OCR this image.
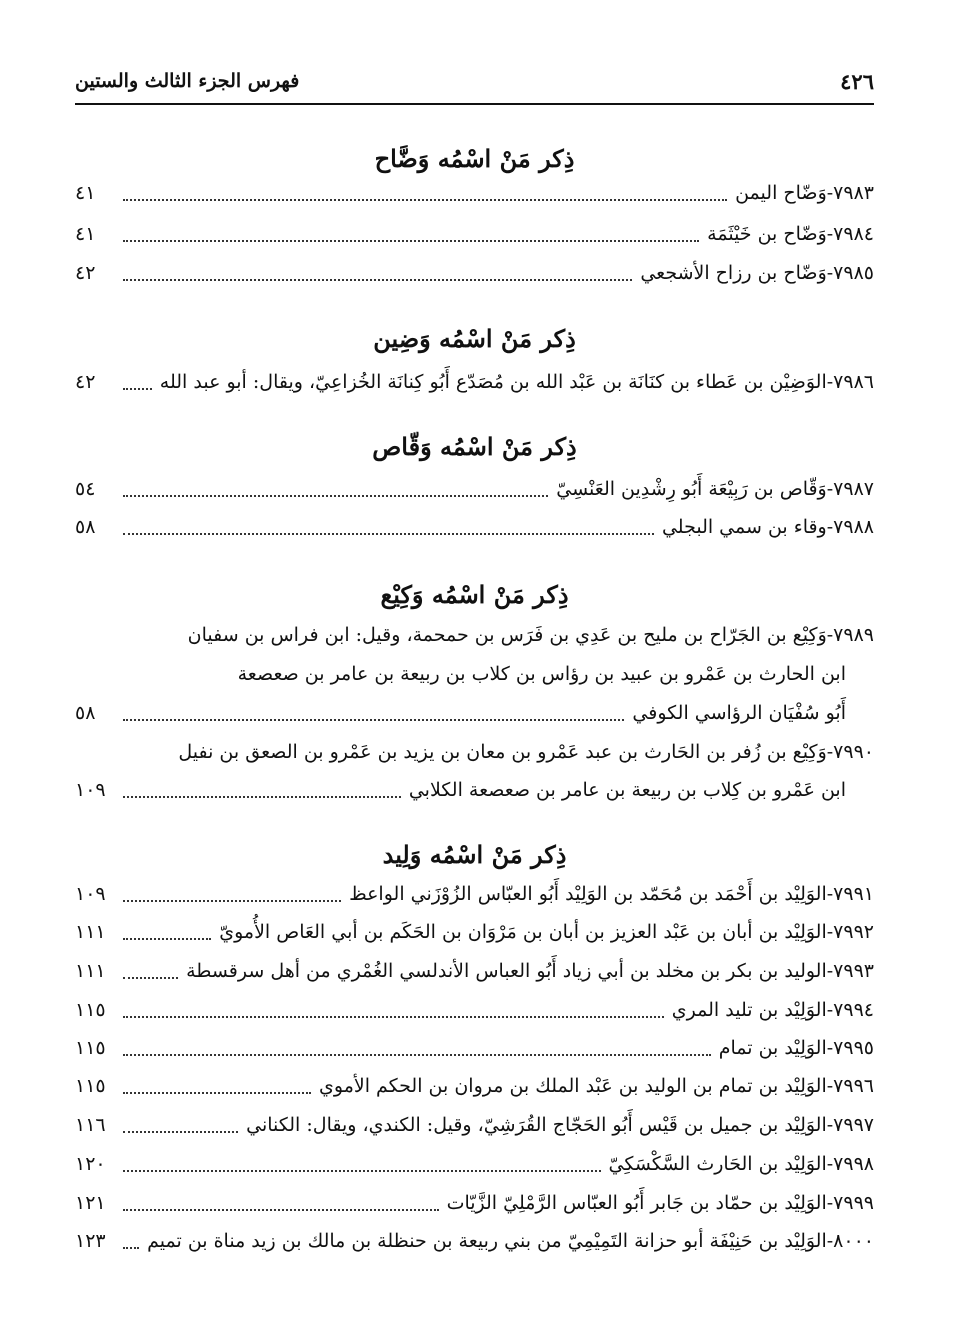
٤٢٦
فهرس الجزء الثالث والستين
ذِكر مَنْ اسْمُه وَضَّاح
٧٩٨٣
-
وَضّاح اليمن
٤١
٧٩٨٤
-
وَضّاح بن خَيْثَمَة
٤١
٧٩٨٥
-
وَضّاح بن رزاح الأشجعي
٤٢
ذِكر مَنْ اسْمُه وَضِين
٧٩٨٦
-
الوَضِيْن بن عَطاء بن كنَانَة بن عَبْد الله بن مُصَدّع أَبُو كِنانَة الخُزاعِيّ، ويقال: أبو عبد الله
٤٢
ذِكر مَنْ اسْمُه وَقّاص
٧٩٨٧
-
وَقّاص بن رَبِيْعَة أَبُو رِشْدِين العَنْسِيّ
٥٤
٧٩٨٨
-
وقاء بن سمي البجلي
٥٨
ذِكر مَنْ اسْمُه وَكِيْع
٧٩٨٩
-
وَكِيْع بن الجَرّاح بن مليح بن عَدِي بن فَرَس بن حمحمة، وقيل: ابن فراس بن سفيان
ابن الحارث بن عَمْرو بن عبيد بن رؤاس بن كلاب بن ربيعة بن عامر بن صعصعة
أَبُو سُفْيَان الرؤاسي الكوفي
٥٨
٧٩٩٠
-
وَكِيْع بن زُفر بن الحَارث بن عبد عَمْرو بن معان بن يزيد بن عَمْرو بن الصعق بن نفيل
ابن عَمْرو بن كِلاب بن ربيعة بن عامر بن صعصعة الكلابي
١٠٩
ذِكر مَنْ اسْمُه وَلِيد
٧٩٩١
-
الوَلِيْد بن أَحْمَد بن مُحَمّد بن الوَلِيْد أَبُو العبّاس الزُوْزَني الواعظ
١٠٩
٧٩٩٢
-
الوَلِيْد بن أبان بن عَبْد العزيز بن أبان بن مَرْوَان بن الحَكَم بن أبي العَاص الأُمويّ
١١١
٧٩٩٣
-
الوليد بن بكر بن مخلد بن أبي زياد أَبُو العباس الأندلسي الغُمْري من أهل سرقسطة
١١١
٧٩٩٤
-
الوَلِيْد بن تليد المري
١١٥
٧٩٩٥
-
الوَلِيْد بن تمام
١١٥
٧٩٩٦
-
الوَلِيْد بن تمام بن الوليد بن عَبْد الملك بن مروان بن الحكم الأموي
١١٥
٧٩٩٧
-
الوَلِيْد بن جميل بن قَيْس أَبُو الحَجّاج القُرَشِيّ، وقيل: الكندي، ويقال: الكناني
١١٦
٧٩٩٨
-
الوَلِيْد بن الحَارث السَّكْسَكِيّ
١٢٠
٧٩٩٩
-
الوَلِيْد بن حمّاد بن جَابر أَبُو العبّاس الرَّمْلِيّ الزَّيّات
١٢١
٨٠٠٠
-
الوَلِيْد بن حَنِيْفَة أبو حزانة التَمِيْمِيّ من بني ربيعة بن حنظلة بن مالك بن زيد مناة بن تميم
١٢٣
